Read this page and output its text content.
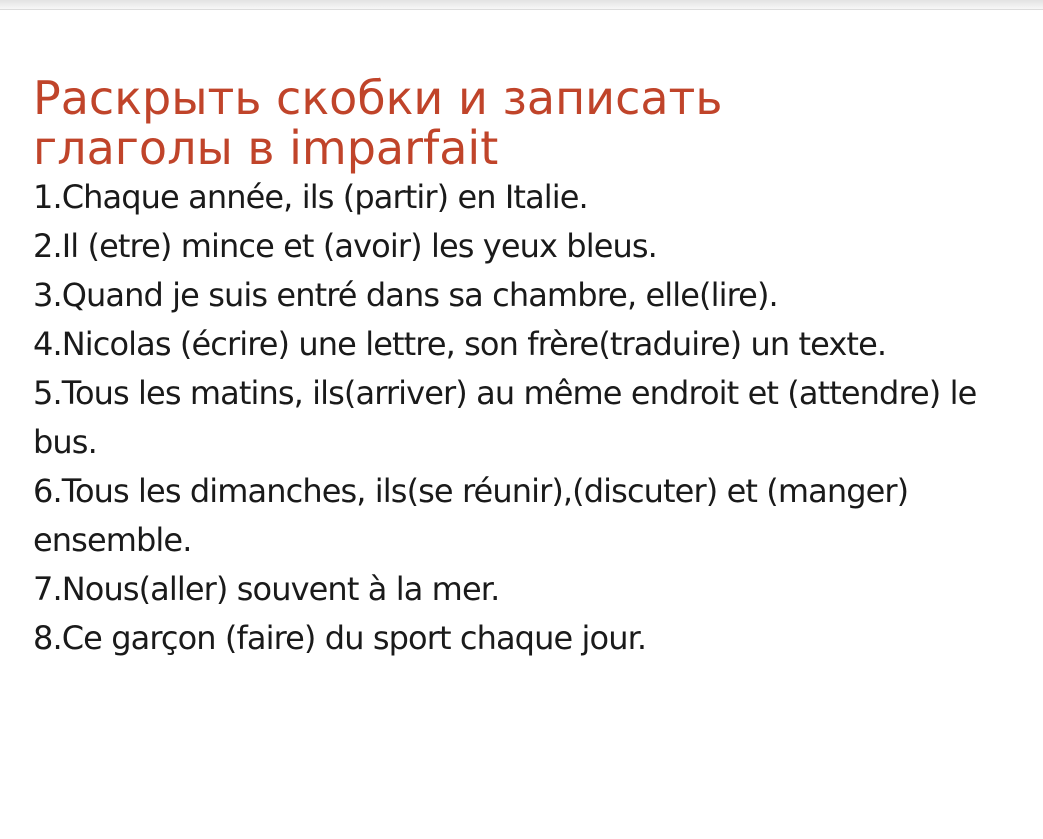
Раскрыть скобки и записать
глаголы в imparfait
1.Chaque année, ils (partir) en Italie.
2.Il (etre) mince et (avoir) les yeux bleus.
3.Quand je suis entré dans sa chambre, elle(lire).
4.Nicolas (écrire) une lettre, son frère(traduire) un texte.
5.Tous les matins, ils(arriver) au même endroit et (attendre) le bus.
6.Tous les dimanches, ils(se réunir),(discuter) et (manger) ensemble.
7.Nous(aller) souvent à la mer.
8.Ce garçon (faire) du sport chaque jour.
